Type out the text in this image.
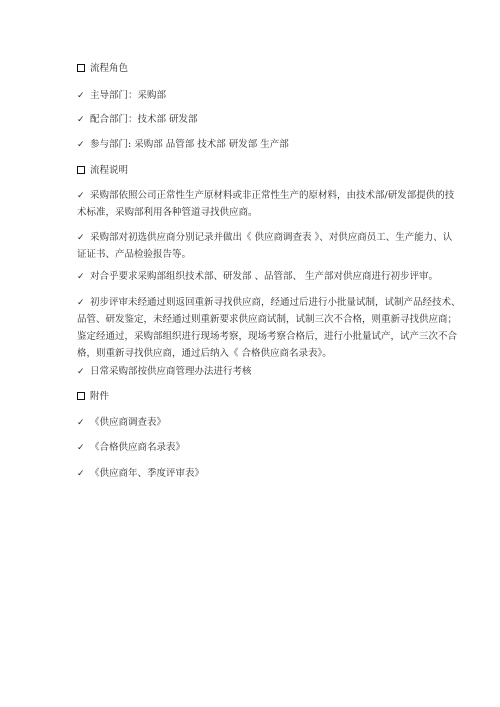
流程角色
✓ 主导部门：采购部
✓ 配合部门：技术部 研发部
✓ 参与部门: 采购部 品管部 技术部 研发部 生产部
流程说明
✓ 采购部依照公司正常性生产原材料或非正常性生产的原材料，由技术部/研发部提供的技
术标准，采购部利用各种管道寻找供应商。
✓ 采购部对初选供应商分别记录并做出《 供应商调查表 》、对供应商员工、生产能力、认
证证书、产品检验报告等。
✓ 对合乎要求采购部组织技术部、研发部 、品管部、 生产部对供应商进行初步评审。
✓ 初步评审未经通过则返回重新寻找供应商，经通过后进行小批量试制，试制产品经技术、
品管、研发鉴定，未经通过则重新要求供应商试制，试制三次不合格，则重新寻找供应商；
鉴定经通过，采购部组织进行现场考察，现场考察合格后，进行小批量试产，试产三次不合
格，则重新寻找供应商，通过后纳入《 合格供应商名录表》。
✓ 日常采购部按供应商管理办法进行考核
附件
✓ 《供应商调查表》
✓ 《合格供应商名录表》
✓ 《供应商年、季度评审表》
